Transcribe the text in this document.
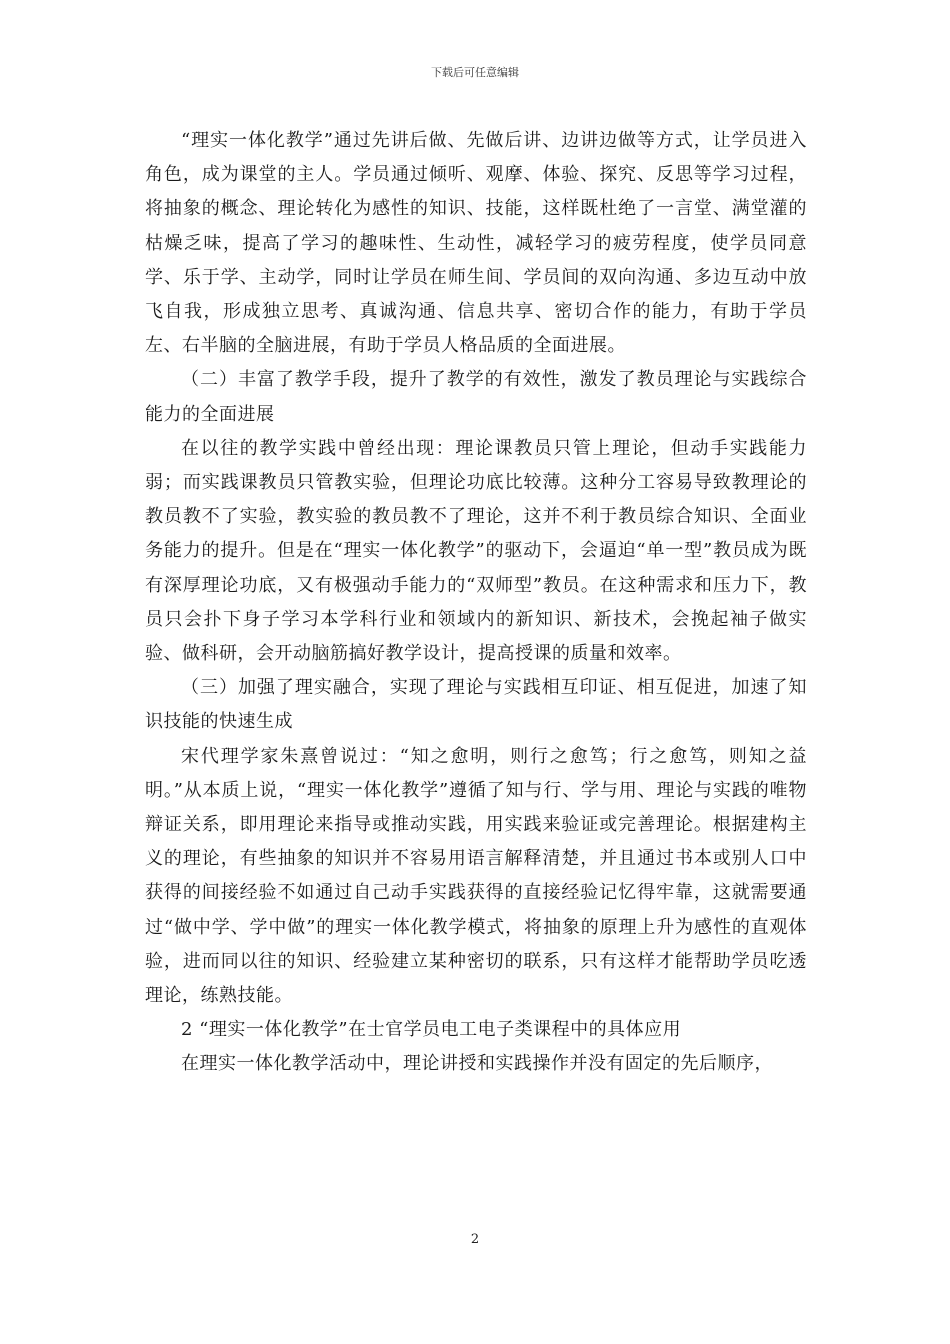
下载后可任意编辑

“理实一体化教学”通过先讲后做、先做后讲、边讲边做等方式，让学员进入角色，成为课堂的主人。学员通过倾听、观摩、体验、探究、反思等学习过程，将抽象的概念、理论转化为感性的知识、技能，这样既杜绝了一言堂、满堂灌的枯燥乏味，提高了学习的趣味性、生动性，减轻学习的疲劳程度，使学员同意学、乐于学、主动学，同时让学员在师生间、学员间的双向沟通、多边互动中放飞自我，形成独立思考、真诚沟通、信息共享、密切合作的能力，有助于学员左、右半脑的全脑进展，有助于学员人格品质的全面进展。

（二）丰富了教学手段，提升了教学的有效性，激发了教员理论与实践综合能力的全面进展

在以往的教学实践中曾经出现：理论课教员只管上理论，但动手实践能力弱；而实践课教员只管教实验，但理论功底比较薄。这种分工容易导致教理论的教员教不了实验，教实验的教员教不了理论，这并不利于教员综合知识、全面业务能力的提升。但是在“理实一体化教学”的驱动下，会逼迫“单一型”教员成为既有深厚理论功底，又有极强动手能力的“双师型”教员。在这种需求和压力下，教员只会扑下身子学习本学科行业和领域内的新知识、新技术，会挽起袖子做实验、做科研，会开动脑筋搞好教学设计，提高授课的质量和效率。

（三）加强了理实融合，实现了理论与实践相互印证、相互促进，加速了知识技能的快速生成

宋代理学家朱熹曾说过：“知之愈明，则行之愈笃；行之愈笃，则知之益明。”从本质上说，“理实一体化教学”遵循了知与行、学与用、理论与实践的唯物辩证关系，即用理论来指导或推动实践，用实践来验证或完善理论。根据建构主义的理论，有些抽象的知识并不容易用语言解释清楚，并且通过书本或别人口中获得的间接经验不如通过自己动手实践获得的直接经验记忆得牢靠，这就需要通过“做中学、学中做”的理实一体化教学模式，将抽象的原理上升为感性的直观体验，进而同以往的知识、经验建立某种密切的联系，只有这样才能帮助学员吃透理论，练熟技能。

2 “理实一体化教学”在士官学员电工电子类课程中的具体应用

在理实一体化教学活动中，理论讲授和实践操作并没有固定的先后顺序，

2
